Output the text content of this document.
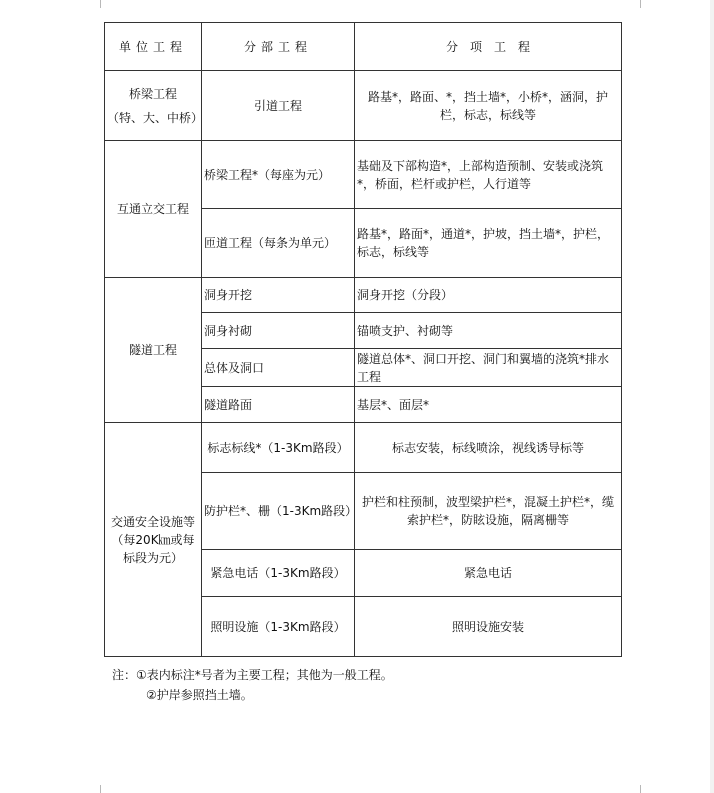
单位工程	分部工程	分　项　工　程

桥梁工程
（特、大、中桥）	引道工程	路基*，路面、*，挡土墙*，小桥*，涵洞，护栏，标志，标线等
互通立交工程	桥梁工程*（每座为元）	基础及下部构造*，上部构造预制、安装或浇筑*，桥面，栏杆或护栏，人行道等
	匝道工程（每条为单元）	路基*，路面*，通道*，护坡，挡土墙*，护栏，标志，标线等
隧道工程	洞身开挖	洞身开挖（分段）
	洞身衬砌	锚喷支护、衬砌等
	总体及洞口	隧道总体*、洞口开挖、洞门和翼墙的浇筑*排水工程
	隧道路面	基层*、面层*
交通安全设施等（每20K㎞或每标段为元）	标志标线*（1-3Km路段）	标志安装，标线喷涂，视线诱导标等
	防护栏*、栅（1-3Km路段）	护栏和柱预制，波型梁护栏*，混凝土护栏*，缆索护栏*，防眩设施，隔离栅等
	紧急电话（1-3Km路段）	紧急电话
	照明设施（1-3Km路段）	照明设施安装
注：①表内标注*号者为主要工程；其他为一般工程。
②护岸参照挡土墙。
